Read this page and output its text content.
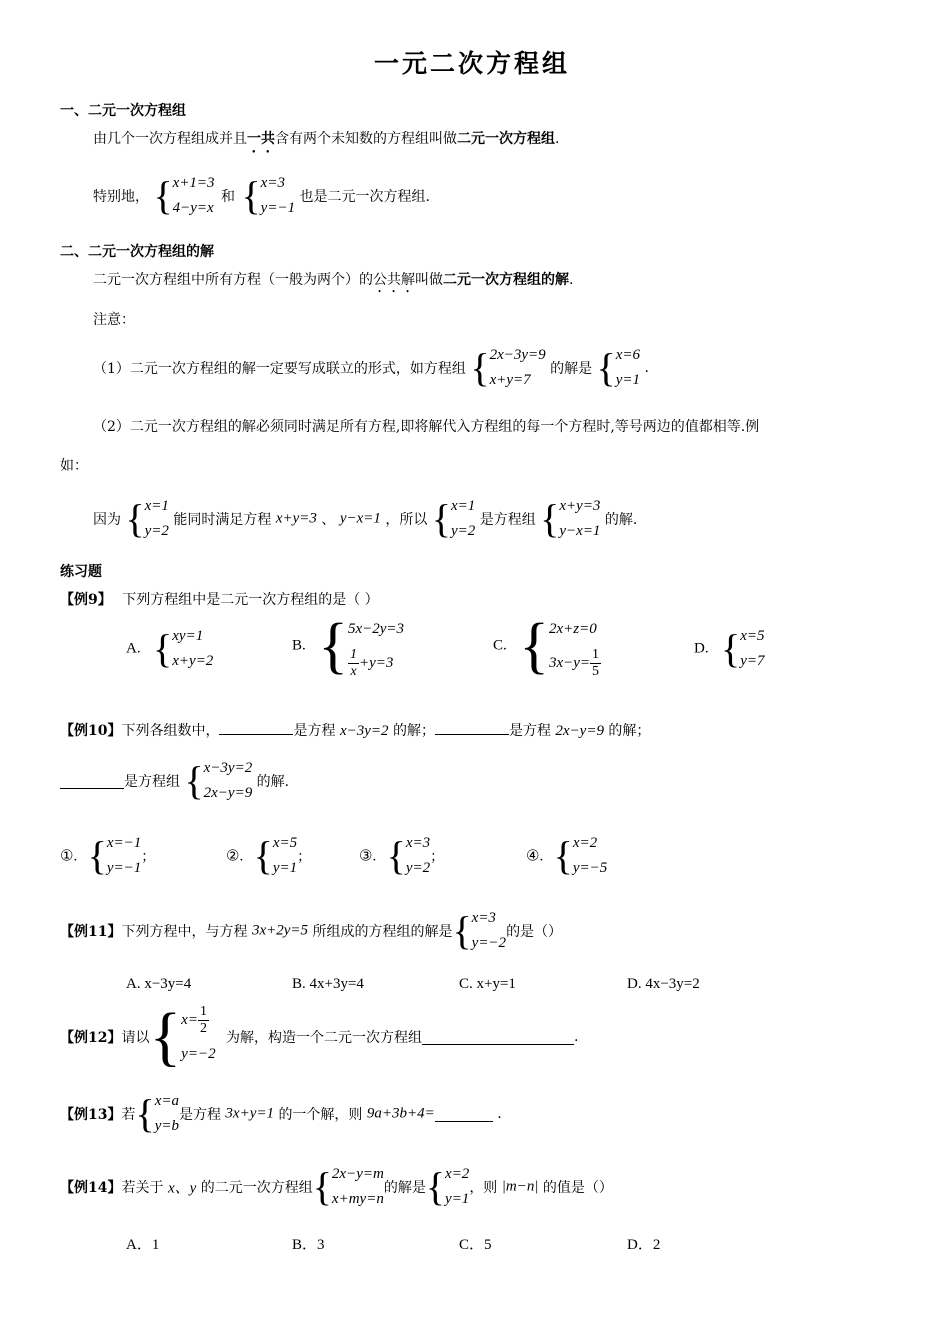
一元二次方程组
一、二元一次方程组
由几个一次方程组成并且一共含有两个未知数的方程组叫做二元一次方程组.
特别地， { x+1=3
4−y=x
和 { x=3
y=−1
也是二元一次方程组.
二、二元一次方程组的解
二元一次方程组中所有方程（一般为两个）的公共解叫做二元一次方程组的解.
注意：
（1）二元一次方程组的解一定要写成联立的形式，如方程组 { 2x−3y=9
x+y=7
的解是 { x=6
y=1
.
（2）二元一次方程组的解必须同时满足所有方程,即将解代入方程组的每一个方程时,等号两边的值都相等.例
如：
因为 { x=1
y=2
能同时满足方程 x+y=3 、 y−x=1 ，所以 { x=1
y=2
是方程组 { x+y=3
y−x=1
的解.
练习题
【例9】 下列方程组中是二元一次方程组的是（ ）
A. { xy=1
x+y=2
B. { 5x−2y=3
$\frac{1}{x} +y=3$
C. { 2x+z=0
$3x-y= \frac{1}{5}$	D. { x=5
y=7
【例10】下列各组数中，	是方程 x−3y=2 的解；	是方程 2x−y=9 的解；
是方程组 { x−3y=2
2x−y=9
的解.
①. { x=−1
y=−1
；	②. { x=5
y=1
；	③. { x=3
y=2
；	④. { x=2
y=−5
【例11】下列方程中，与方程 3x+2y=5 所组成的方程组的解是 { x=3
y=−2
的是（）
A. x−3y=4	B. 4x+3y=4	C. x+y=1	D. 4x−3y=2
【例12】请以 { $x= \frac{1}{2}$
y=−2
为解，构造一个二元一次方程组	.
【例13】若 { x=a
y=b
是方程 3x+y=1 的一个解，则 9a+3b+4=	.
【例14】若关于 x、y 的二元一次方程组 { 2x−y=m
x+my=n
的解是 { x=2
y=1
，则 |m−n| 的值是（）
A．1	B．3	C．5	D．2
